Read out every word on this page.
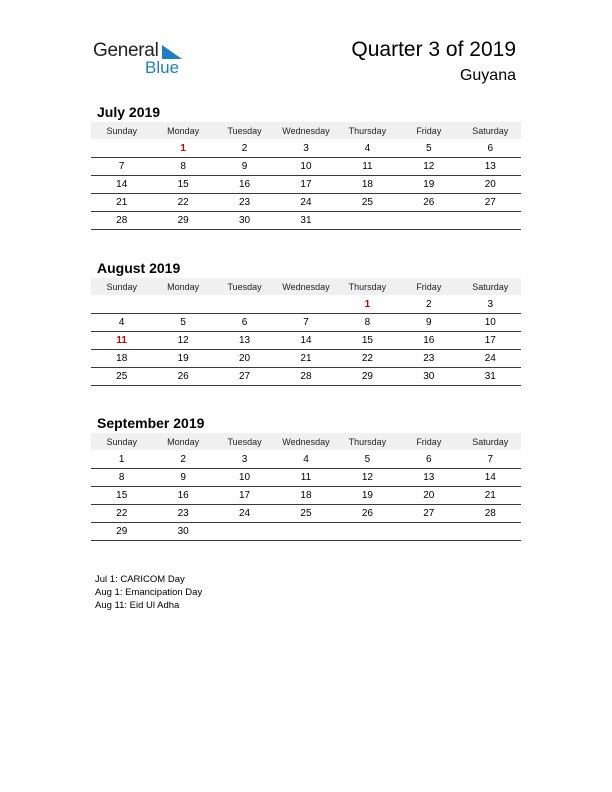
General
Blue
Quarter 3 of 2019
Guyana
July 2019
Sunday	Monday	Tuesday	Wednesday	Thursday	Friday	Saturday
	1	2	3	4	5	6
7	8	9	10	11	12	13
14	15	16	17	18	19	20
21	22	23	24	25	26	27
28	29	30	31			
August 2019
Sunday	Monday	Tuesday	Wednesday	Thursday	Friday	Saturday
				1	2	3
4	5	6	7	8	9	10
11	12	13	14	15	16	17
18	19	20	21	22	23	24
25	26	27	28	29	30	31
September 2019
Sunday	Monday	Tuesday	Wednesday	Thursday	Friday	Saturday
1	2	3	4	5	6	7
8	9	10	11	12	13	14
15	16	17	18	19	20	21
22	23	24	25	26	27	28
29	30					
Jul 1: CARICOM Day
Aug 1: Emancipation Day
Aug 11: Eid Ul Adha
